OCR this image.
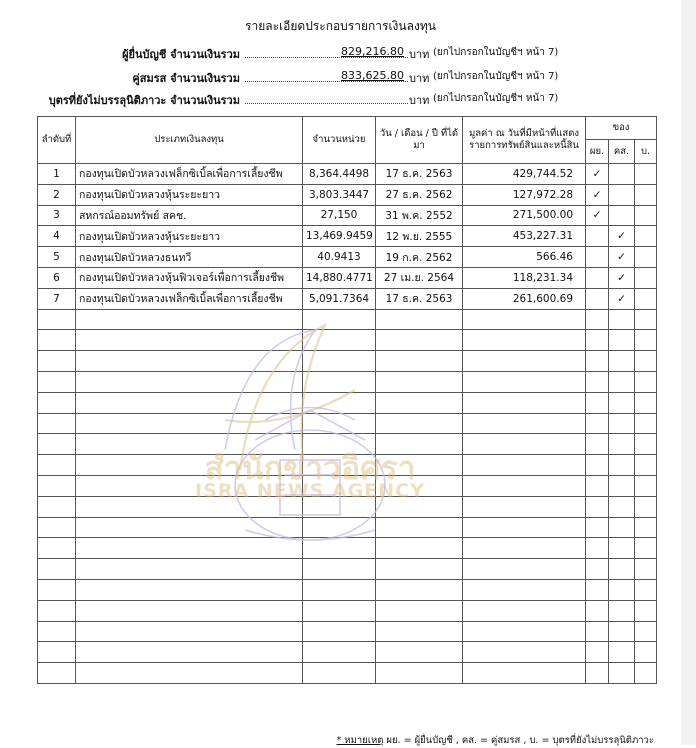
รายละเอียดประกอบรายการเงินลงทุน
ผู้ยื่นบัญชี จำนวนเงินรวม	829,216.80 บาท (ยกไปกรอกในบัญชีฯ หน้า 7)
คู่สมรส จำนวนเงินรวม	833,625.80 บาท (ยกไปกรอกในบัญชีฯ หน้า 7)
บุตรที่ยังไม่บรรลุนิติภาวะ จำนวนเงินรวม	บาท (ยกไปกรอกในบัญชีฯ หน้า 7)
ลำดับที่	ประเภทเงินลงทุน	จำนวนหน่วย	วัน / เดือน / ปี ที่ได้มา	มูลค่า ณ วันที่มีหน้าที่แสดง รายการทรัพย์สินและหนี้สิน	ของ		
					ผย.	คส.	บ.
1	กองทุนเปิดบัวหลวงเฟล็กซิเบิ้ลเพื่อการเลี้ยงชีพ	8,364.4498	17 ธ.ค. 2563	429,744.52	✓		
2	กองทุนเปิดบัวหลวงหุ้นระยะยาว	3,803.3447	27 ธ.ค. 2562	127,972.28	✓		
3	สหกรณ์ออมทรัพย์ สคช.	27,150	31 พ.ค. 2552	271,500.00	✓		
4	กองทุนเปิดบัวหลวงหุ้นระยะยาว	13,469.9459	12 พ.ย. 2555	453,227.31		✓	
5	กองทุนเปิดบัวหลวงธนทวี	40.9413	19 ก.ค. 2562	566.46		✓	
6	กองทุนเปิดบัวหลวงหุ้นฟิวเจอร์เพื่อการเลี้ยงชีพ	14,880.4771	27 เม.ย. 2564	118,231.34		✓	
7	กองทุนเปิดบัวหลวงเฟล็กซิเบิ้ลเพื่อการเลี้ยงชีพ	5,091.7364	17 ธ.ค. 2563	261,600.69		✓	

สำนักข่าวอิศรา
ISRA NEWS AGENCY
* หมายเหตุ ผย. = ผู้ยื่นบัญชี , คส. = คู่สมรส , บ. = บุตรที่ยังไม่บรรลุนิติภาวะ
